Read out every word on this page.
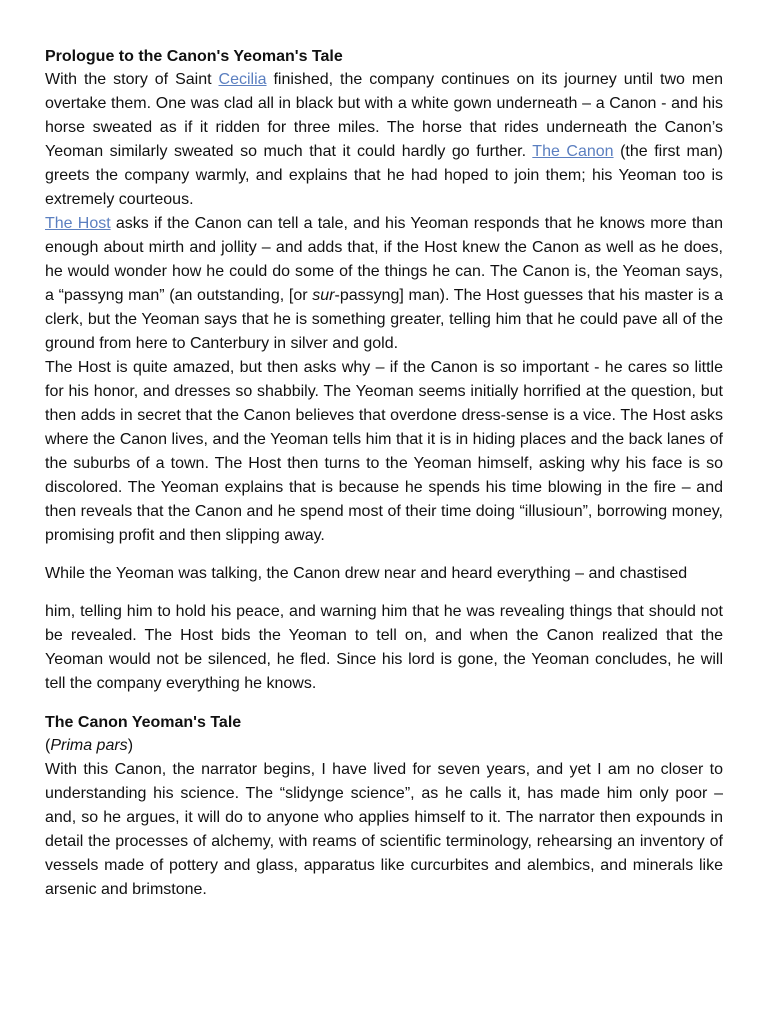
Prologue to the Canon's Yeoman's Tale

With the story of Saint Cecilia finished, the company continues on its journey until two men overtake them. One was clad all in black but with a white gown underneath – a Canon - and his horse sweated as if it ridden for three miles. The horse that rides underneath the Canon’s Yeoman similarly sweated so much that it could hardly go further. The Canon (the first man) greets the company warmly, and explains that he had hoped to join them; his Yeoman too is extremely courteous.

The Host asks if the Canon can tell a tale, and his Yeoman responds that he knows more than enough about mirth and jollity – and adds that, if the Host knew the Canon as well as he does, he would wonder how he could do some of the things he can. The Canon is, the Yeoman says, a “passyng man” (an outstanding, [or sur-passyng] man). The Host guesses that his master is a clerk, but the Yeoman says that he is something greater, telling him that he could pave all of the ground from here to Canterbury in silver and gold.

The Host is quite amazed, but then asks why – if the Canon is so important - he cares so little for his honor, and dresses so shabbily. The Yeoman seems initially horrified at the question, but then adds in secret that the Canon believes that overdone dress-sense is a vice. The Host asks where the Canon lives, and the Yeoman tells him that it is in hiding places and the back lanes of the suburbs of a town. The Host then turns to the Yeoman himself, asking why his face is so discolored. The Yeoman explains that is because he spends his time blowing in the fire – and then reveals that the Canon and he spend most of their time doing “illusioun”, borrowing money, promising profit and then slipping away.

While the Yeoman was talking, the Canon drew near and heard everything – and chastised

him, telling him to hold his peace, and warning him that he was revealing things that should not be revealed. The Host bids the Yeoman to tell on, and when the Canon realized that the Yeoman would not be silenced, he fled. Since his lord is gone, the Yeoman concludes, he will tell the company everything he knows.

The Canon Yeoman's Tale

(Prima pars)

With this Canon, the narrator begins, I have lived for seven years, and yet I am no closer to understanding his science. The “slidynge science”, as he calls it, has made him only poor – and, so he argues, it will do to anyone who applies himself to it. The narrator then expounds in detail the processes of alchemy, with reams of scientific terminology, rehearsing an inventory of vessels made of pottery and glass, apparatus like curcurbites and alembics, and minerals like arsenic and brimstone.
